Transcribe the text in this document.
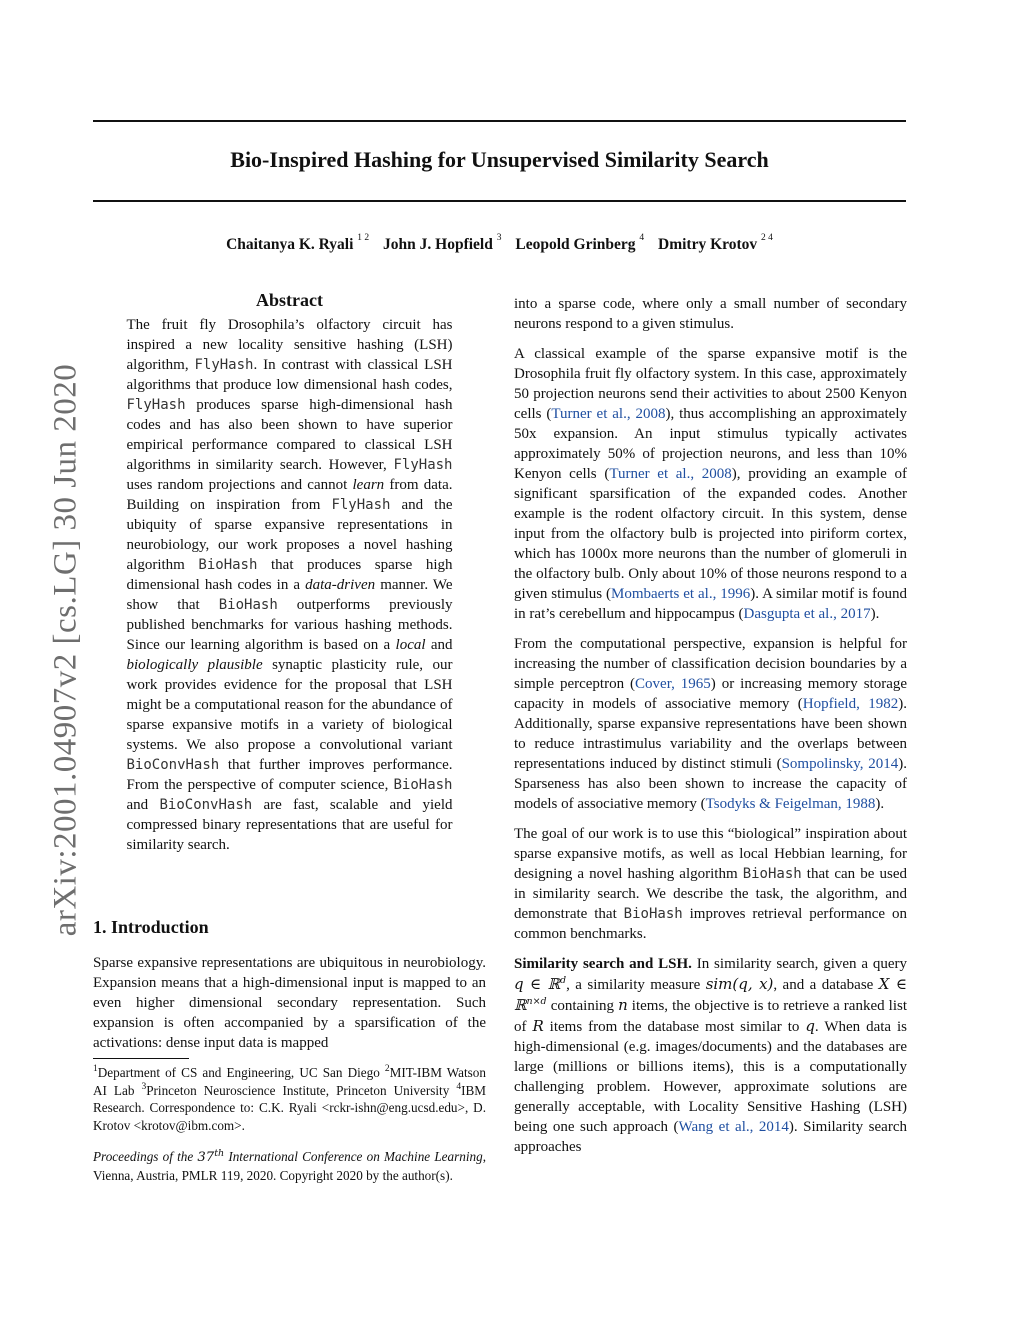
Bio-Inspired Hashing for Unsupervised Similarity Search
Chaitanya K. Ryali $^{1 2}$ John J. Hopfield $^3$ Leopold Grinberg $^4$ Dmitry Krotov $^{2 4}$
arXiv:2001.04907v2 [cs.LG] 30 Jun 2020
Abstract

The fruit fly Drosophila’s olfactory circuit has inspired a new locality sensitive hashing (LSH) algorithm, FlyHash. In contrast with classical LSH algorithms that produce low dimensional hash codes, FlyHash produces sparse high-dimensional hash codes and has also been shown to have superior empirical performance compared to classical LSH algorithms in similarity search. However, FlyHash uses random projections and cannot learn from data. Building on inspiration from FlyHash and the ubiquity of sparse expansive representations in neurobiology, our work proposes a novel hashing algorithm BioHash that produces sparse high dimensional hash codes in a data-driven manner. We show that BioHash outperforms previously published benchmarks for various hashing methods. Since our learning algorithm is based on a local and biologically plausible synaptic plasticity rule, our work provides evidence for the proposal that LSH might be a computational reason for the abundance of sparse expansive motifs in a variety of biological systems. We also propose a convolutional variant BioConvHash that further improves performance. From the perspective of computer science, BioHash and BioConvHash are fast, scalable and yield compressed binary representations that are useful for similarity search.

1. Introduction

Sparse expansive representations are ubiquitous in neurobiology. Expansion means that a high-dimensional input is mapped to an even higher dimensional secondary representation. Such expansion is often accompanied by a sparsification of the activations: dense input data is mapped

$^1$Department of CS and Engineering, UC San Diego $^2$MIT-IBM Watson AI Lab $^3$Princeton Neuroscience Institute, Princeton University $^4$IBM Research. Correspondence to: C.K. Ryali <rckr-ishn@eng.ucsd.edu>, D. Krotov <krotov@ibm.com>.

Proceedings of the 37th International Conference on Machine Learning, Vienna, Austria, PMLR 119, 2020. Copyright 2020 by the author(s).

into a sparse code, where only a small number of secondary neurons respond to a given stimulus.

A classical example of the sparse expansive motif is the Drosophila fruit fly olfactory system. In this case, approximately 50 projection neurons send their activities to about 2500 Kenyon cells (Turner et al., 2008), thus accomplishing an approximately 50x expansion. An input stimulus typically activates approximately 50% of projection neurons, and less than 10% Kenyon cells (Turner et al., 2008), providing an example of significant sparsification of the expanded codes. Another example is the rodent olfactory circuit. In this system, dense input from the olfactory bulb is projected into piriform cortex, which has 1000x more neurons than the number of glomeruli in the olfactory bulb. Only about 10% of those neurons respond to a given stimulus (Mombaerts et al., 1996). A similar motif is found in rat’s cerebellum and hippocampus (Dasgupta et al., 2017).

From the computational perspective, expansion is helpful for increasing the number of classification decision boundaries by a simple perceptron (Cover, 1965) or increasing memory storage capacity in models of associative memory (Hopfield, 1982). Additionally, sparse expansive representations have been shown to reduce intrastimulus variability and the overlaps between representations induced by distinct stimuli (Sompolinsky, 2014). Sparseness has also been shown to increase the capacity of models of associative memory (Tsodyks & Feigelman, 1988).

The goal of our work is to use this “biological” inspiration about sparse expansive motifs, as well as local Hebbian learning, for designing a novel hashing algorithm BioHash that can be used in similarity search. We describe the task, the algorithm, and demonstrate that BioHash improves retrieval performance on common benchmarks.

Similarity search and LSH. In similarity search, given a query q ∈ ℝ$^d$, a similarity measure sim(q, x), and a database X ∈ ℝ$^{n\times d}$ containing n items, the objective is to retrieve a ranked list of R items from the database most similar to q. When data is high-dimensional (e.g. images/documents) and the databases are large (millions or billions items), this is a computationally challenging problem. However, approximate solutions are generally acceptable, with Locality Sensitive Hashing (LSH) being one such approach (Wang et al., 2014). Similarity search approaches
